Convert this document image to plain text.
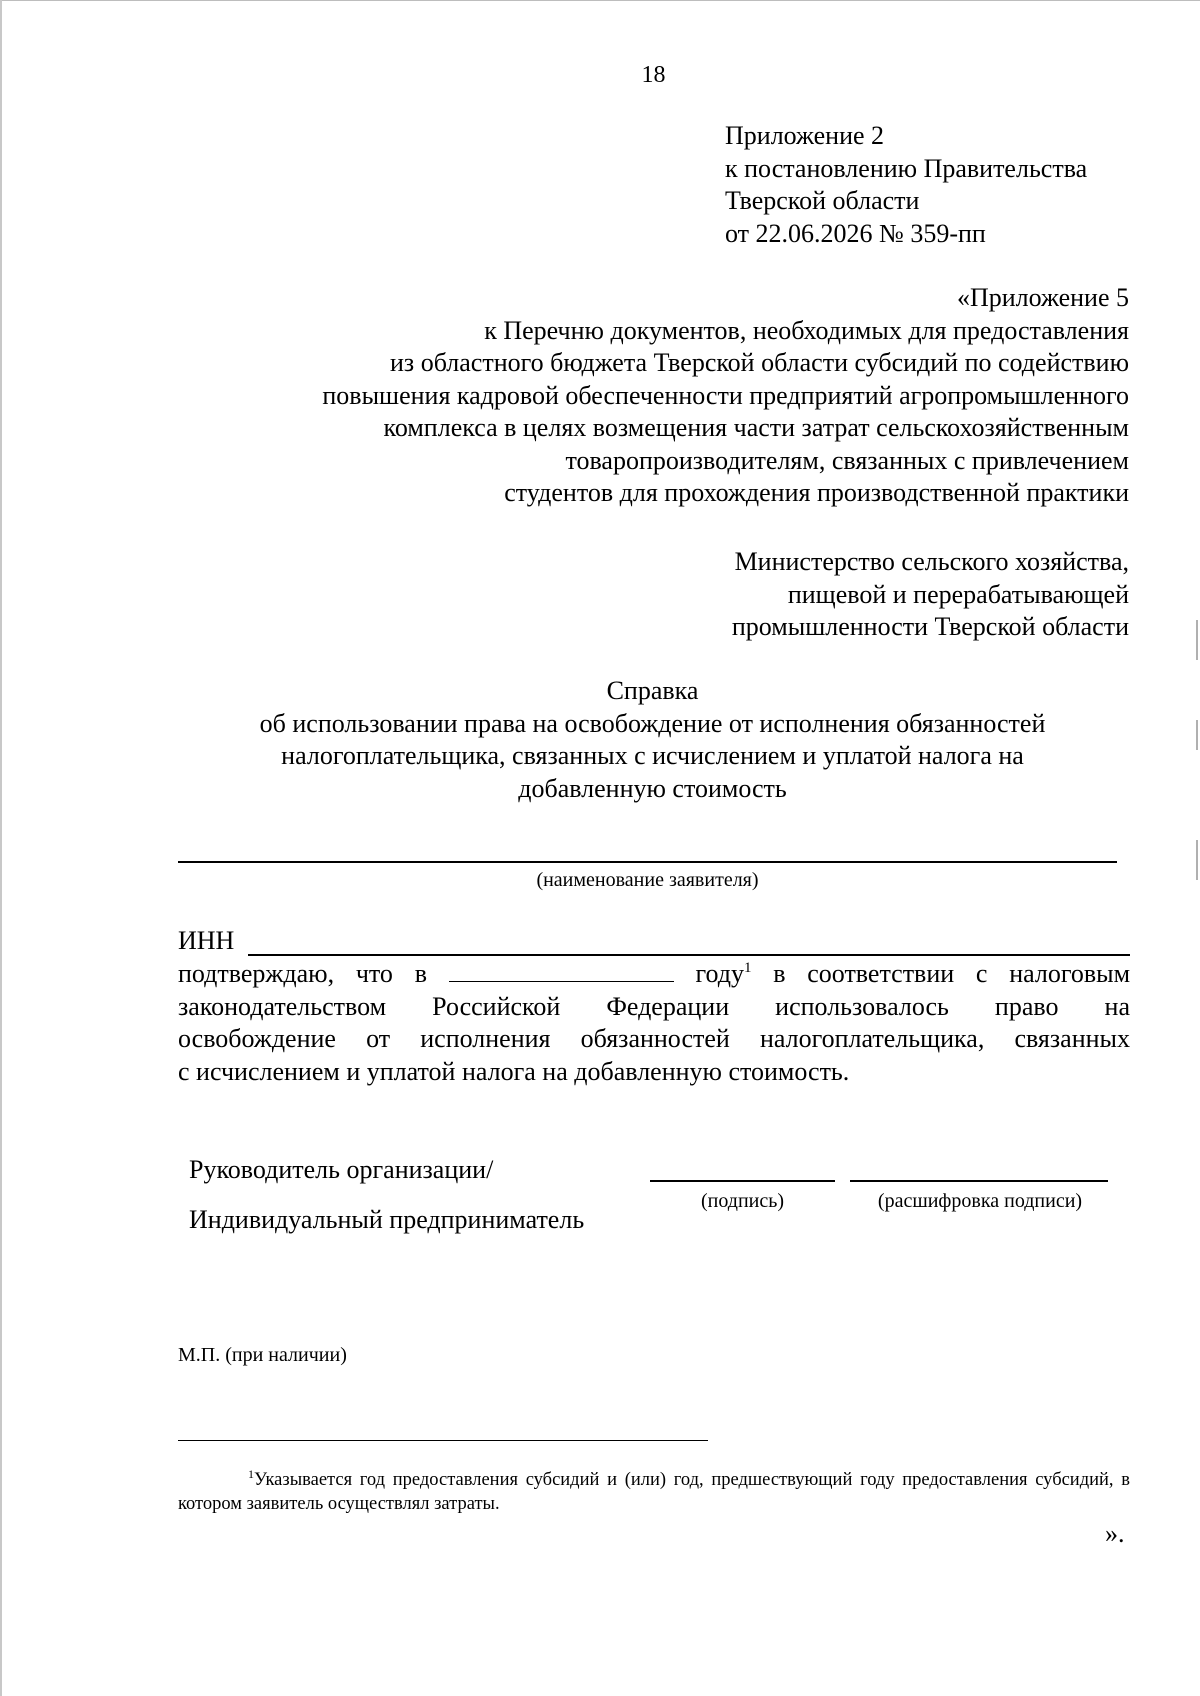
18
Приложение 2
к постановлению Правительства
Тверской области
от 22.06.2026 № 359-пп
«Приложение 5
к Перечню документов, необходимых для предоставления
из областного бюджета Тверской области субсидий по содействию
повышения кадровой обеспеченности предприятий агропромышленного
комплекса в целях возмещения части затрат сельскохозяйственным
товаропроизводителям, связанных с привлечением
студентов для прохождения производственной практики
Министерство сельского хозяйства,
пищевой и перерабатывающей
промышленности Тверской области
Справка
об использовании права на освобождение от исполнения обязанностей
налогоплательщика, связанных с исчислением и уплатой налога на
добавленную стоимость
(наименование заявителя)
ИНН
подтверждаю, что в	году$^1$ в соответствии с налоговым
законодательством Российской Федерации использовалось право на
освобождение от исполнения обязанностей налогоплательщика, связанных
с исчислением и уплатой налога на добавленную стоимость.
Руководитель организации/
Индивидуальный предприниматель
(подпись)	(расшифровка подписи)
М.П. (при наличии)
$^1$Указывается год предоставления субсидий и (или) год, предшествующий году предоставления субсидий, в котором заявитель осуществлял затраты.
».
